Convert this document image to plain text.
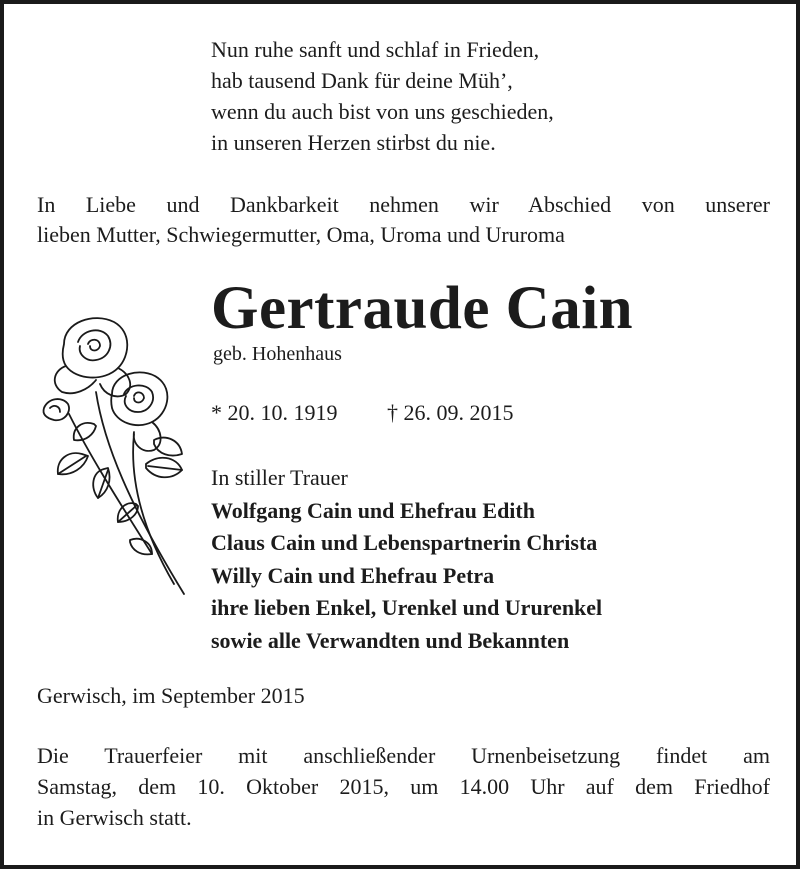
Nun ruhe sanft und schlaf in Frieden,
hab tausend Dank für deine Müh’,
wenn du auch bist von uns geschieden,
in unseren Herzen stirbst du nie.
In Liebe und Dankbarkeit nehmen wir Abschied von unserer
lieben Mutter, Schwiegermutter, Oma, Uroma und Ururoma
Gertraude Cain
geb. Hohenhaus
* 20. 10. 1919 † 26. 09. 2015
In stiller Trauer
Wolfgang Cain und Ehefrau Edith
Claus Cain und Lebenspartnerin Christa
Willy Cain und Ehefrau Petra
ihre lieben Enkel, Urenkel und Ururenkel
sowie alle Verwandten und Bekannten
Gerwisch, im September 2015
Die Trauerfeier mit anschließender Urnenbeisetzung findet am
Samstag, dem 10. Oktober 2015, um 14.00 Uhr auf dem Friedhof
in Gerwisch statt.
